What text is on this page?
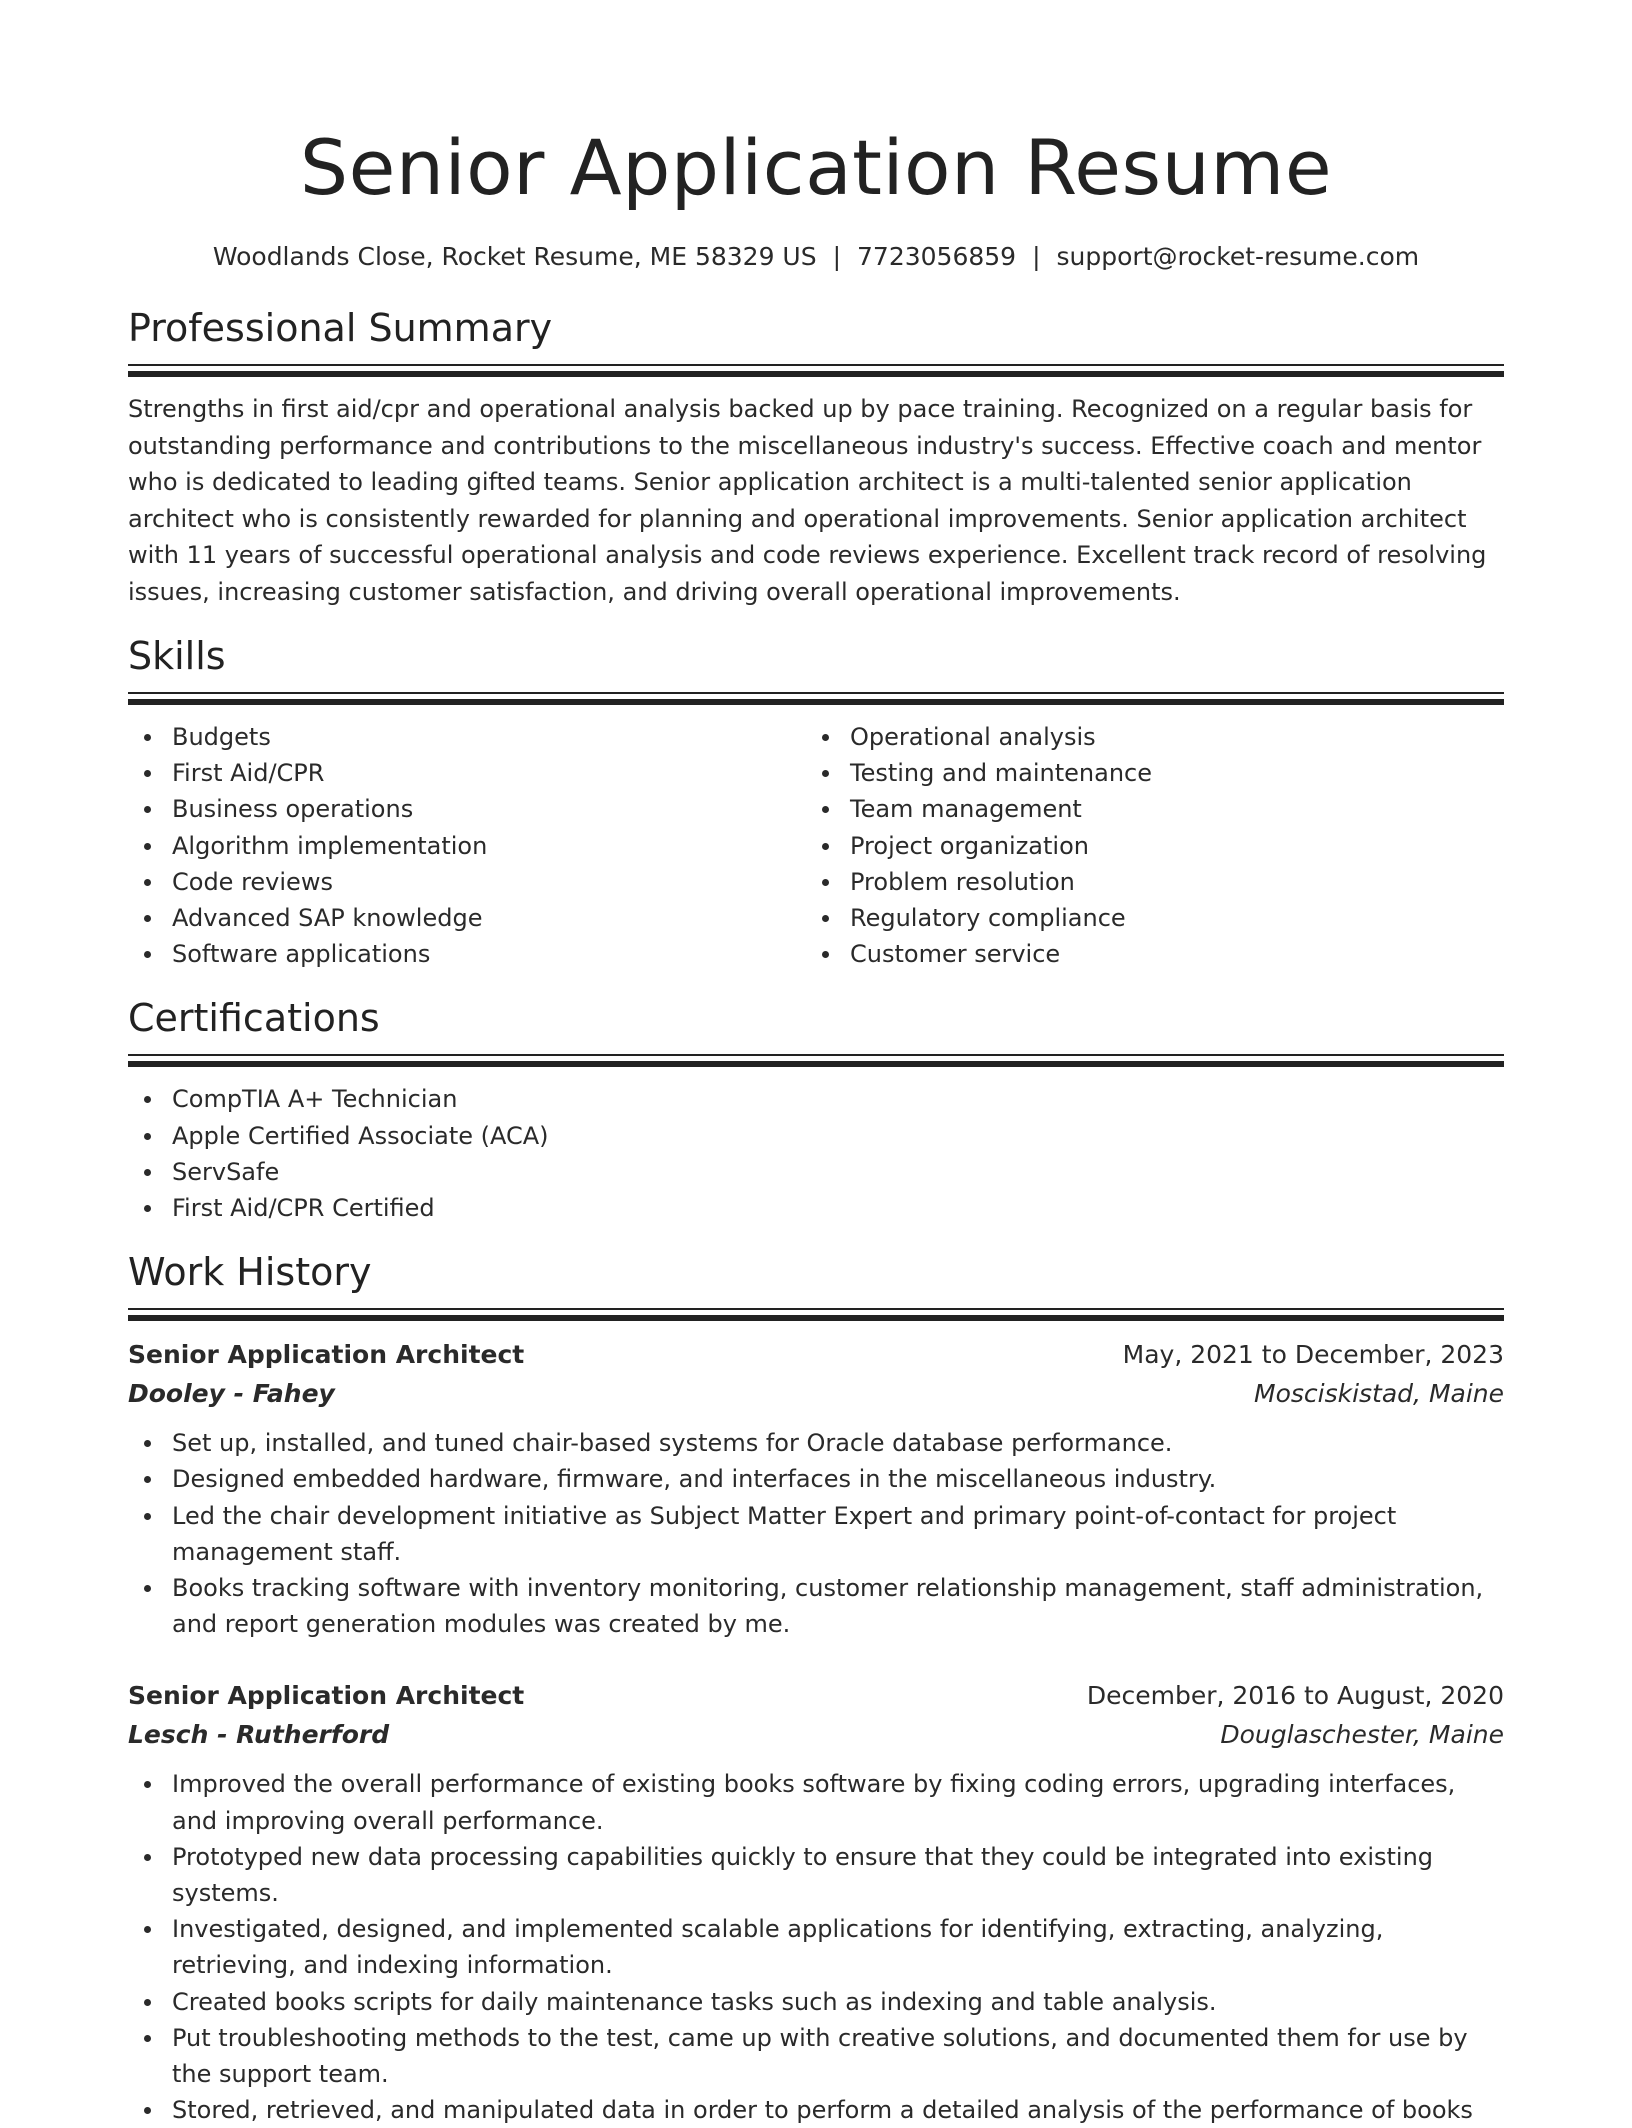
Senior Application Resume
Woodlands Close, Rocket Resume, ME 58329 US | 7723056859 | support@rocket-resume.com
Professional Summary
Strengths in first aid/cpr and operational analysis backed up by pace training. Recognized on a regular basis for outstanding performance and contributions to the miscellaneous industry's success. Effective coach and mentor who is dedicated to leading gifted teams. Senior application architect is a multi-talented senior application architect who is consistently rewarded for planning and operational improvements. Senior application architect with 11 years of successful operational analysis and code reviews experience. Excellent track record of resolving issues, increasing customer satisfaction, and driving overall operational improvements.
Skills
Budgets
First Aid/CPR
Business operations
Algorithm implementation
Code reviews
Advanced SAP knowledge
Software applications
Operational analysis
Testing and maintenance
Team management
Project organization
Problem resolution
Regulatory compliance
Customer service
Certifications
CompTIA A+ Technician
Apple Certified Associate (ACA)
ServSafe
First Aid/CPR Certified
Work History
Senior Application Architect	May, 2021 to December, 2023
Dooley - Fahey	Mosciskistad, Maine
Set up, installed, and tuned chair-based systems for Oracle database performance.
Designed embedded hardware, firmware, and interfaces in the miscellaneous industry.
Led the chair development initiative as Subject Matter Expert and primary point-of-contact for project management staff.
Books tracking software with inventory monitoring, customer relationship management, staff administration, and report generation modules was created by me.
Senior Application Architect	December, 2016 to August, 2020
Lesch - Rutherford	Douglaschester, Maine
Improved the overall performance of existing books software by fixing coding errors, upgrading interfaces, and improving overall performance.
Prototyped new data processing capabilities quickly to ensure that they could be integrated into existing systems.
Investigated, designed, and implemented scalable applications for identifying, extracting, analyzing, retrieving, and indexing information.
Created books scripts for daily maintenance tasks such as indexing and table analysis.
Put troubleshooting methods to the test, came up with creative solutions, and documented them for use by the support team.
Stored, retrieved, and manipulated data in order to perform a detailed analysis of the performance of books
